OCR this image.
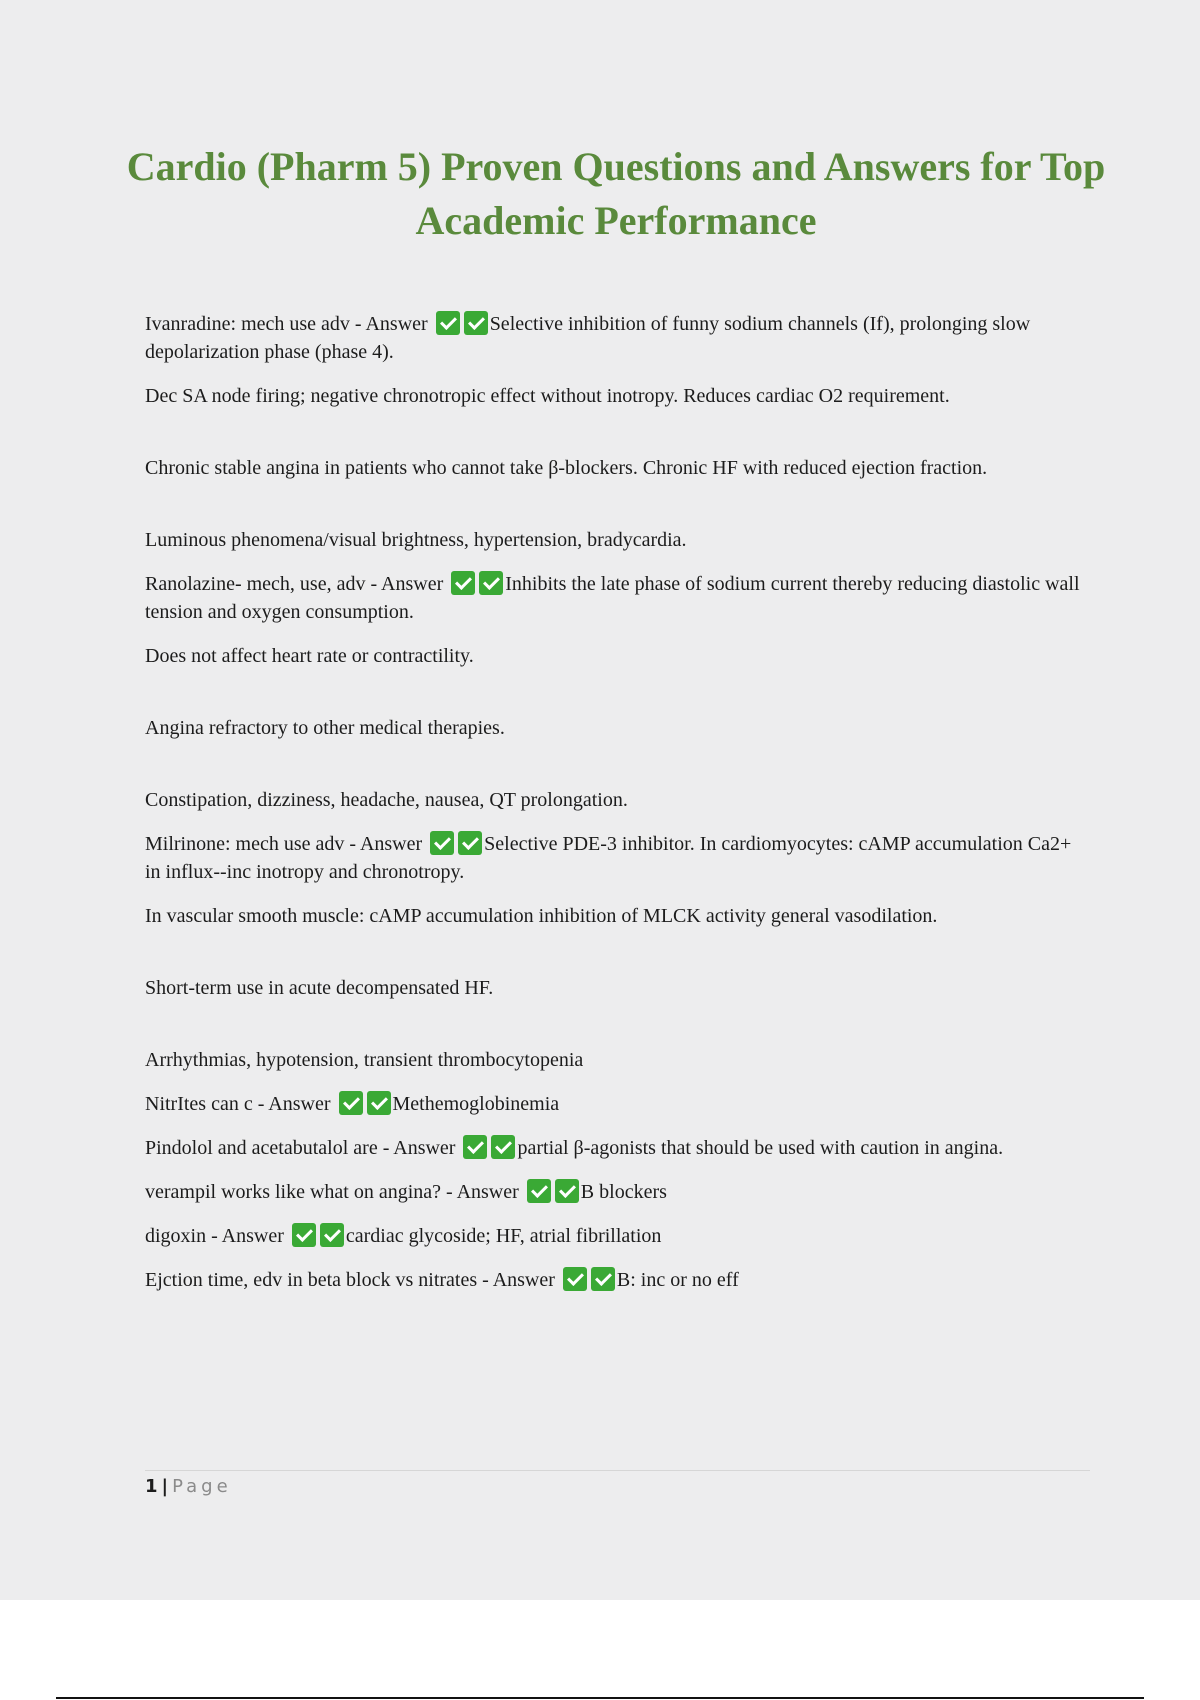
Cardio (Pharm 5) Proven Questions and Answers for Top Academic Performance

Ivanradine: mech use adv - Answer	Selective inhibition of funny sodium channels (If), prolonging slow depolarization phase (phase 4).

Dec SA node firing; negative chronotropic effect without inotropy. Reduces cardiac O2 requirement.

Chronic stable angina in patients who cannot take β-blockers. Chronic HF with reduced ejection fraction.

Luminous phenomena/visual brightness, hypertension, bradycardia.

Ranolazine- mech, use, adv - Answer	Inhibits the late phase of sodium current thereby reducing diastolic wall tension and oxygen consumption.

Does not affect heart rate or contractility.

Angina refractory to other medical therapies.

Constipation, dizziness, headache, nausea, QT prolongation.

Milrinone: mech use adv - Answer	Selective PDE-3 inhibitor. In cardiomyocytes: cAMP accumulation Ca2+ in influx--inc inotropy and chronotropy.

In vascular smooth muscle: cAMP accumulation inhibition of MLCK activity general vasodilation.

Short-term use in acute decompensated HF.

Arrhythmias, hypotension, transient thrombocytopenia

NitrItes can c - Answer	Methemoglobinemia

Pindolol and acetabutalol are - Answer	partial β-agonists that should be used with caution in angina.

verampil works like what on angina? - Answer	B blockers

digoxin - Answer	cardiac glycoside; HF, atrial fibrillation

Ejction time, edv in beta block vs nitrates - Answer	B: inc or no eff

1 | Page
